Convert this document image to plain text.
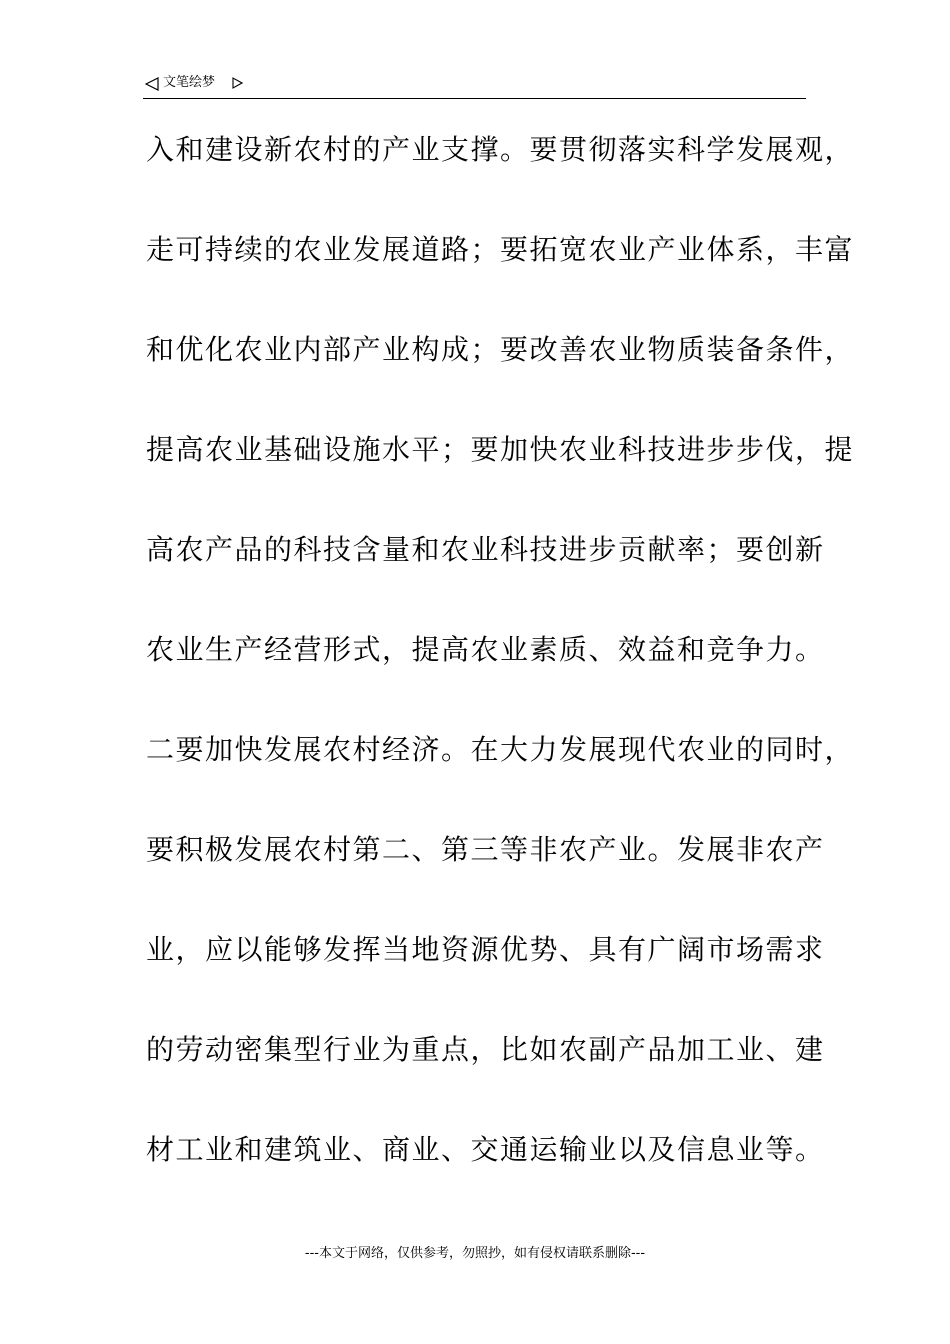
文笔绘梦
入和建设新农村的产业支撑。要贯彻落实科学发展观，
走可持续的农业发展道路；要拓宽农业产业体系，丰富
和优化农业内部产业构成；要改善农业物质装备条件，
提高农业基础设施水平；要加快农业科技进步步伐，提
高农产品的科技含量和农业科技进步贡献率；要创新
农业生产经营形式，提高农业素质、效益和竞争力。
二要加快发展农村经济。在大力发展现代农业的同时，
要积极发展农村第二、第三等非农产业。发展非农产
业，应以能够发挥当地资源优势、具有广阔市场需求
的劳动密集型行业为重点，比如农副产品加工业、建
材工业和建筑业、商业、交通运输业以及信息业等。
---本文于网络，仅供参考，勿照抄，如有侵权请联系删除---
